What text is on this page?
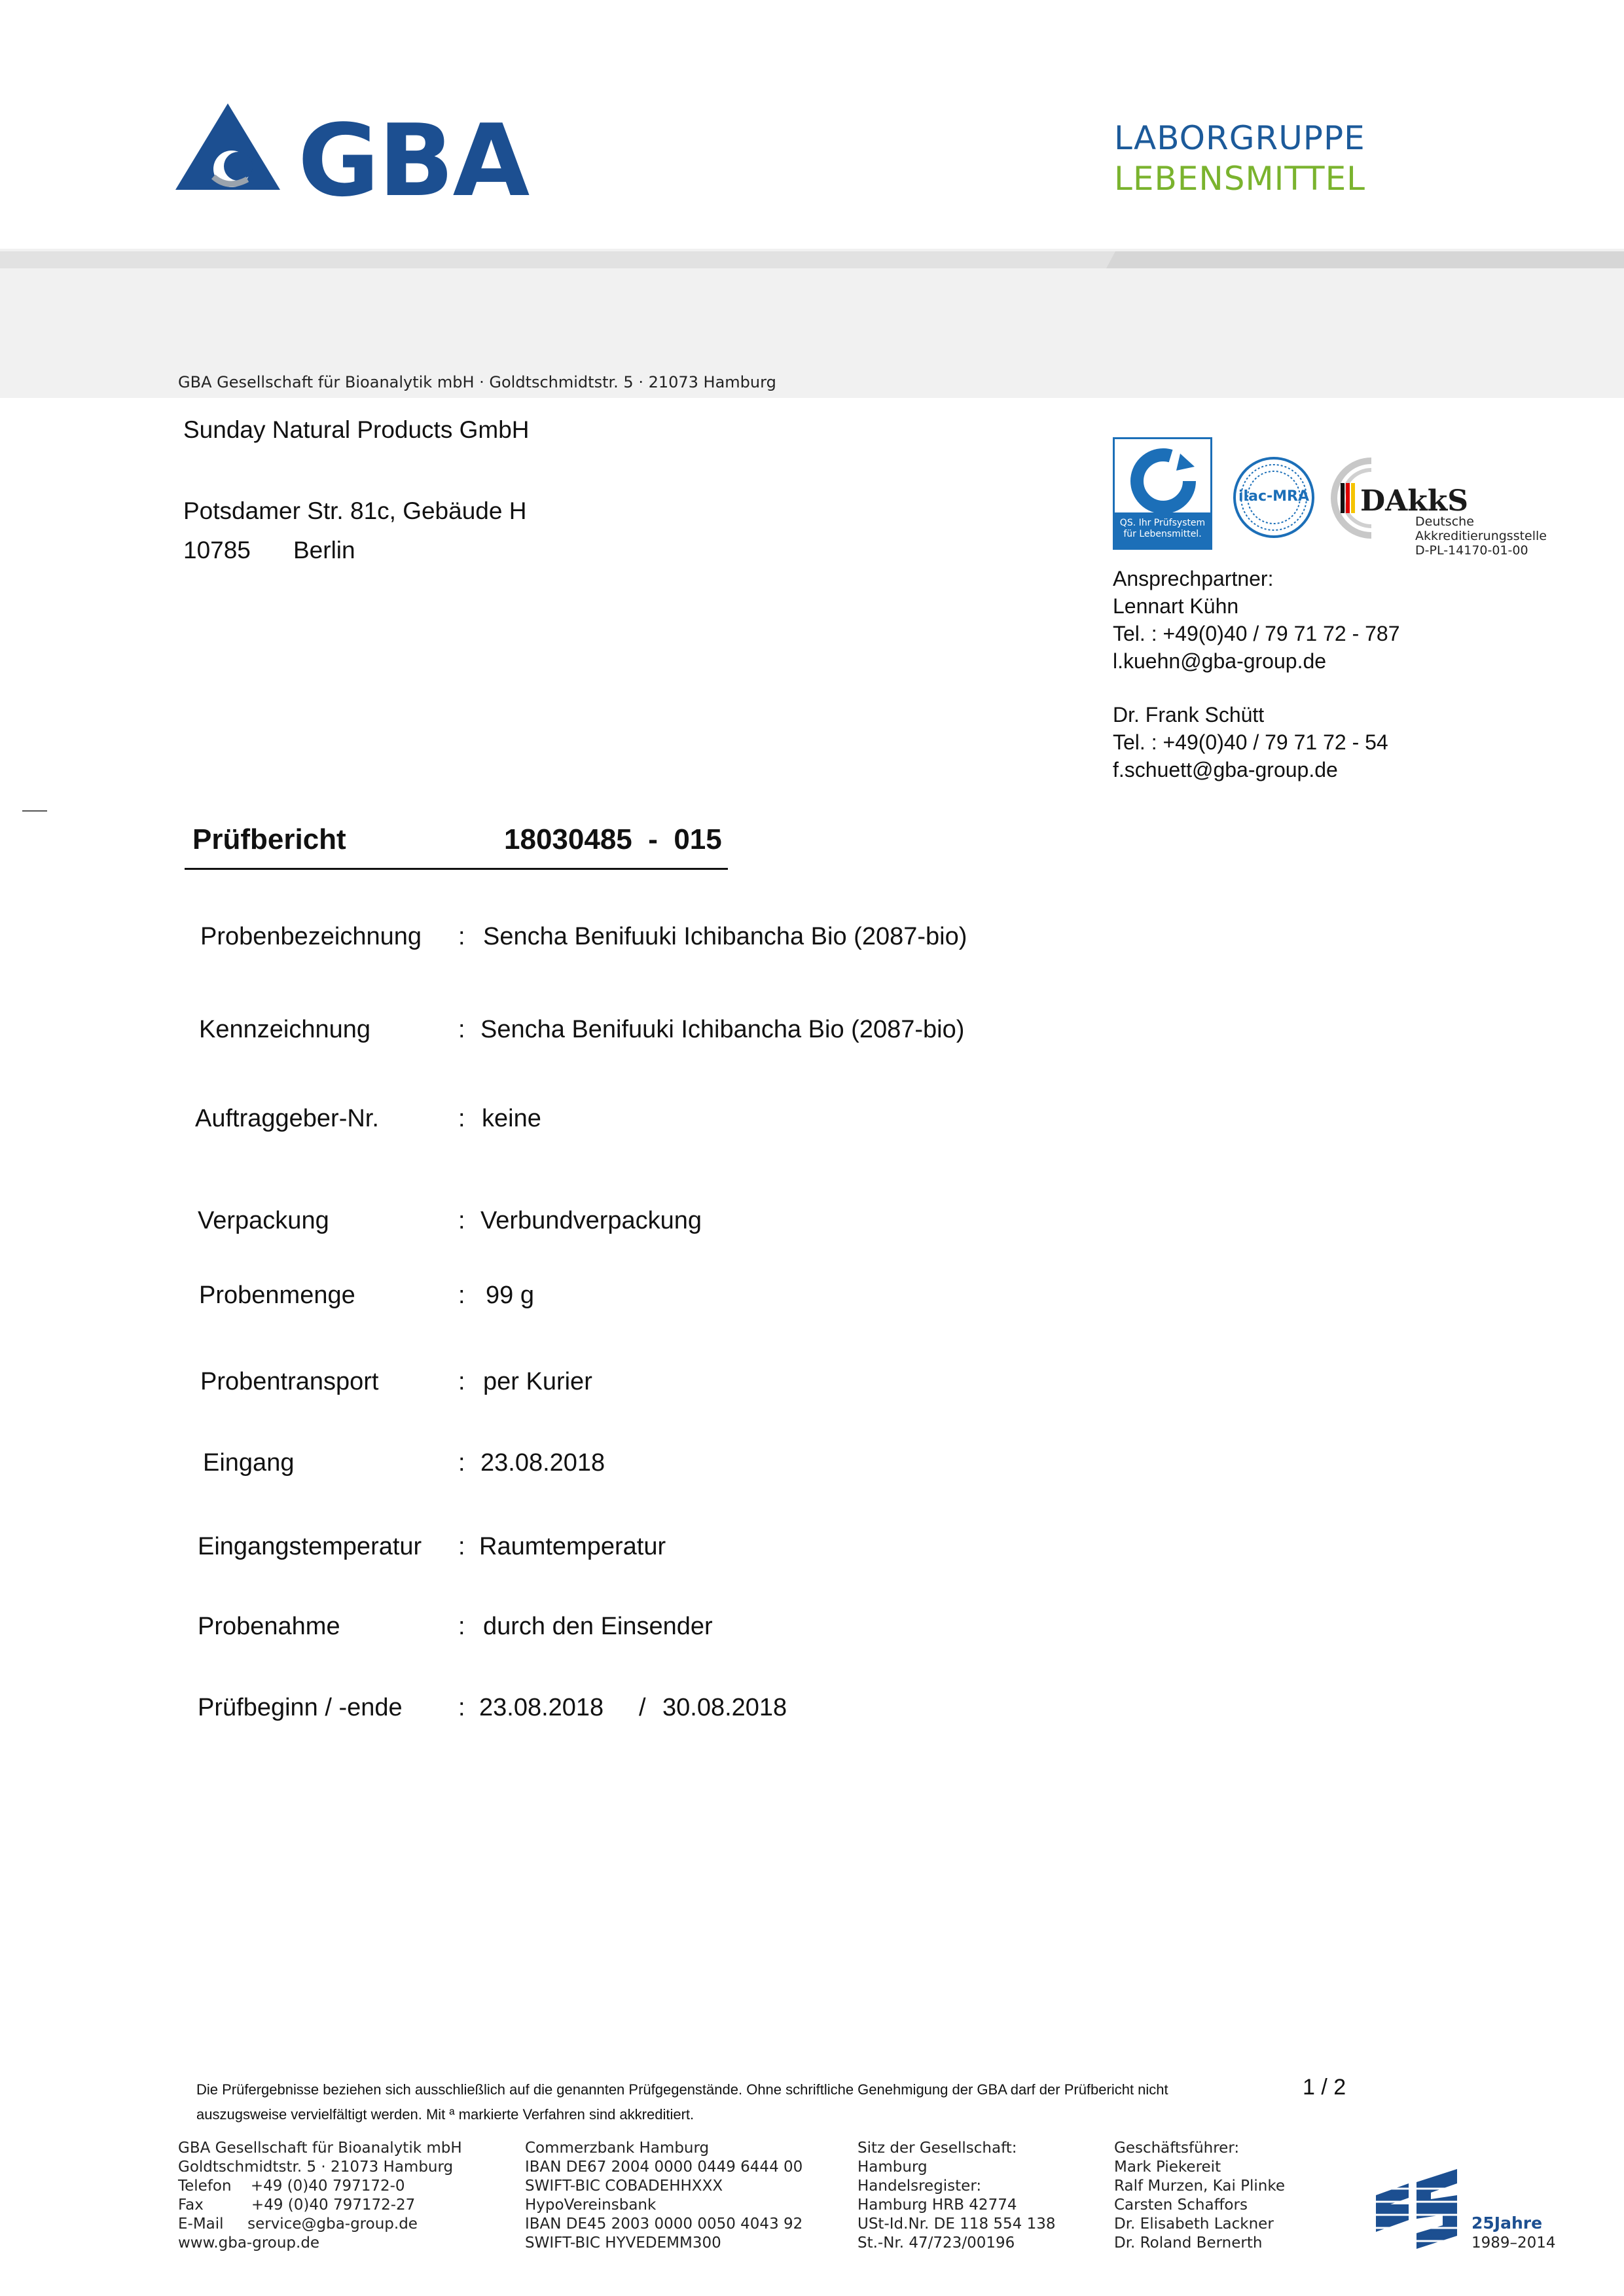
GBA	LABORGRUPPE
LEBENSMITTEL
GBA Gesellschaft für Bioanalytik mbH · Goldtschmidtstr. 5 · 21073 Hamburg
Sunday Natural Products GmbH
Potsdamer Str. 81c, Gebäude H
10785 Berlin
QS. Ihr Prüfsystem für Lebensmittel.
ilac-MRA DAkkS
Deutsche
Akkreditierungsstelle
D-PL-14170-01-00
Ansprechpartner:
Lennart Kühn
Tel. : +49(0)40 / 79 71 72 - 787
l.kuehn@gba-group.de
Dr. Frank Schütt
Tel. : +49(0)40 / 79 71 72 - 54
f.schuett@gba-group.de
Prüfbericht	18030485  -  015
Probenbezeichnung : Sencha Benifuuki Ichibancha Bio (2087-bio)
Kennzeichnung	: Sencha Benifuuki Ichibancha Bio (2087-bio)
Auftraggeber-Nr.	: keine
Verpackung	: Verbundverpackung
Probenmenge	: 99 g
Probentransport	: per Kurier
Eingang	: 23.08.2018
Eingangstemperatur : Raumtemperatur
Probenahme	: durch den Einsender
Prüfbeginn / -ende : 23.08.2018 / 30.08.2018
Die Prüfergebnisse beziehen sich ausschließlich auf die genannten Prüfgegenstände. Ohne schriftliche Genehmigung der GBA darf der Prüfbericht nicht
auszugsweise vervielfältigt werden. Mit ª markierte Verfahren sind akkreditiert.
1 / 2
GBA Gesellschaft für Bioanalytik mbH
Goldtschmidtstr. 5 · 21073 Hamburg
Telefon    +49 (0)40 797172-0
Fax          +49 (0)40 797172-27
E-Mail     service@gba-group.de
www.gba-group.de
Commerzbank Hamburg
IBAN DE67 2004 0000 0449 6444 00
SWIFT-BIC COBADEHHXXX
HypoVereinsbank
IBAN DE45 2003 0000 0050 4043 92
SWIFT-BIC HYVEDEMM300
Sitz der Gesellschaft:
Hamburg
Handelsregister:
Hamburg HRB 42774
USt-Id.Nr. DE 118 554 138
St.-Nr. 47/723/00196
Geschäftsführer:
Mark Piekereit
Ralf Murzen, Kai Plinke
Carsten Schaffors
Dr. Elisabeth Lackner
Dr. Roland Bernerth
25Jahre
1989–2014
